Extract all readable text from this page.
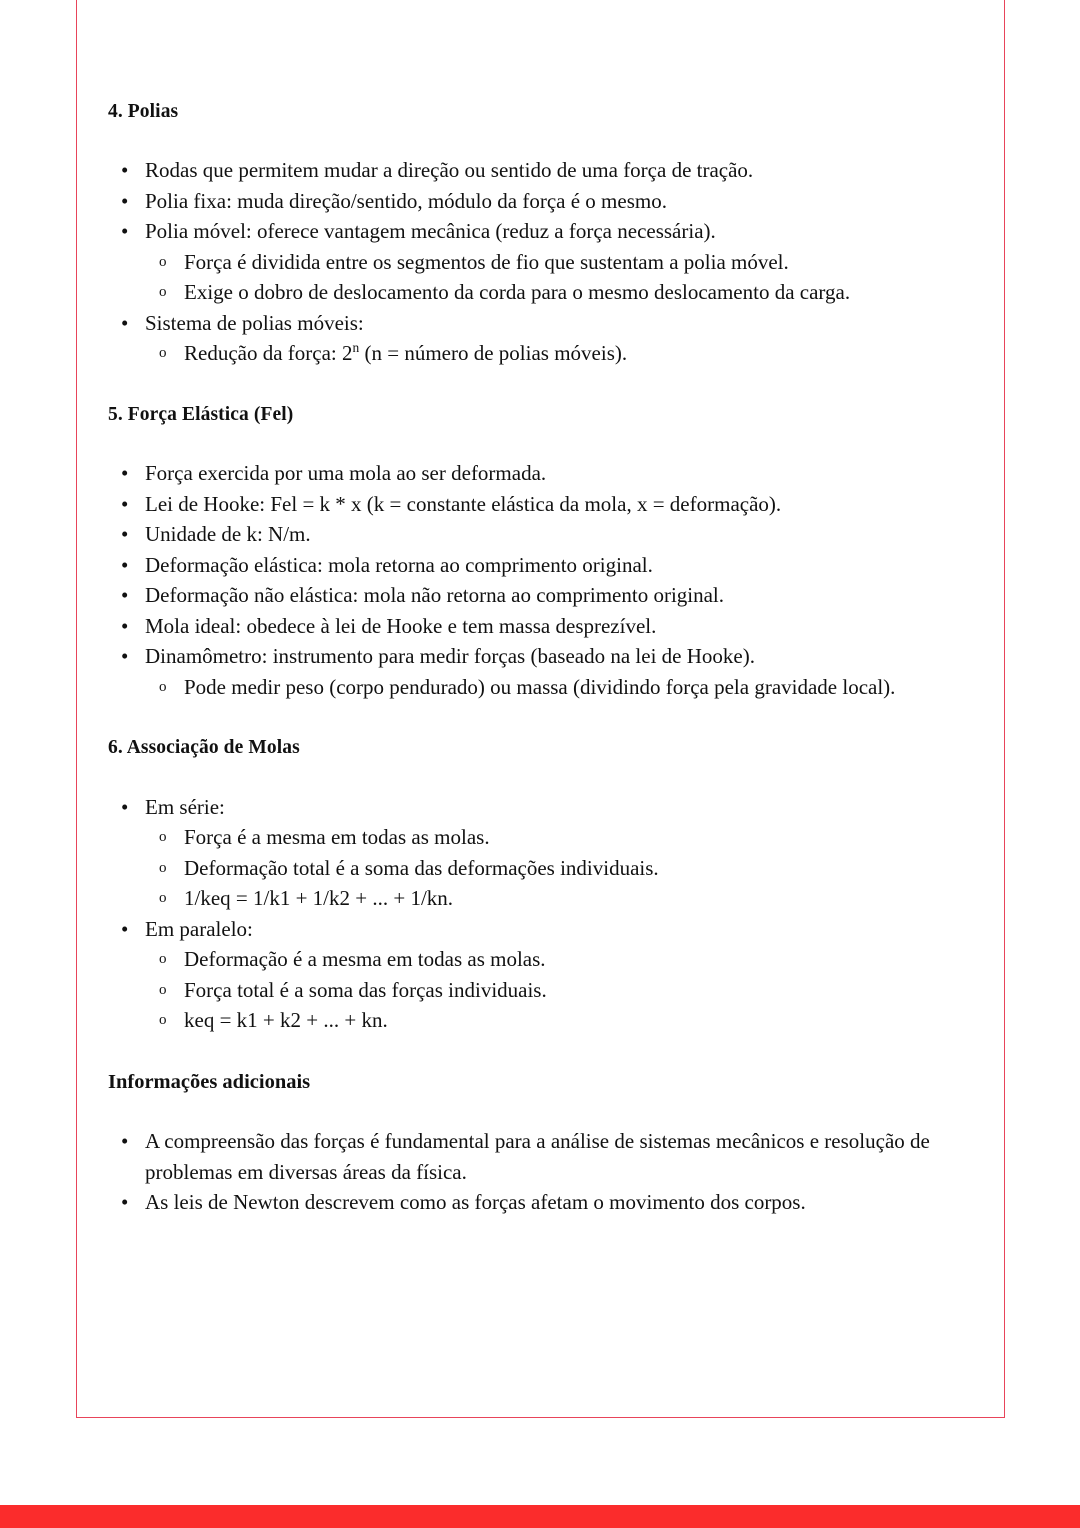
4. Polias
• Rodas que permitem mudar a direção ou sentido de uma força de tração.
• Polia fixa: muda direção/sentido, módulo da força é o mesmo.
• Polia móvel: oferece vantagem mecânica (reduz a força necessária).
o Força é dividida entre os segmentos de fio que sustentam a polia móvel.
o Exige o dobro de deslocamento da corda para o mesmo deslocamento da carga.
• Sistema de polias móveis:
o Redução da força: 2$^n$ (n = número de polias móveis).
5. Força Elástica (Fel)
• Força exercida por uma mola ao ser deformada.
• Lei de Hooke: Fel = k * x (k = constante elástica da mola, x = deformação).
• Unidade de k: N/m.
• Deformação elástica: mola retorna ao comprimento original.
• Deformação não elástica: mola não retorna ao comprimento original.
• Mola ideal: obedece à lei de Hooke e tem massa desprezível.
• Dinamômetro: instrumento para medir forças (baseado na lei de Hooke).
o Pode medir peso (corpo pendurado) ou massa (dividindo força pela gravidade local).
6. Associação de Molas
• Em série:
o Força é a mesma em todas as molas.
o Deformação total é a soma das deformações individuais.
o 1/keq = 1/k1 + 1/k2 + ... + 1/kn.
• Em paralelo:
o Deformação é a mesma em todas as molas.
o Força total é a soma das forças individuais.
o keq = k1 + k2 + ... + kn.
Informações adicionais
• A compreensão das forças é fundamental para a análise de sistemas mecânicos e resolução de problemas em diversas áreas da física.
• As leis de Newton descrevem como as forças afetam o movimento dos corpos.
